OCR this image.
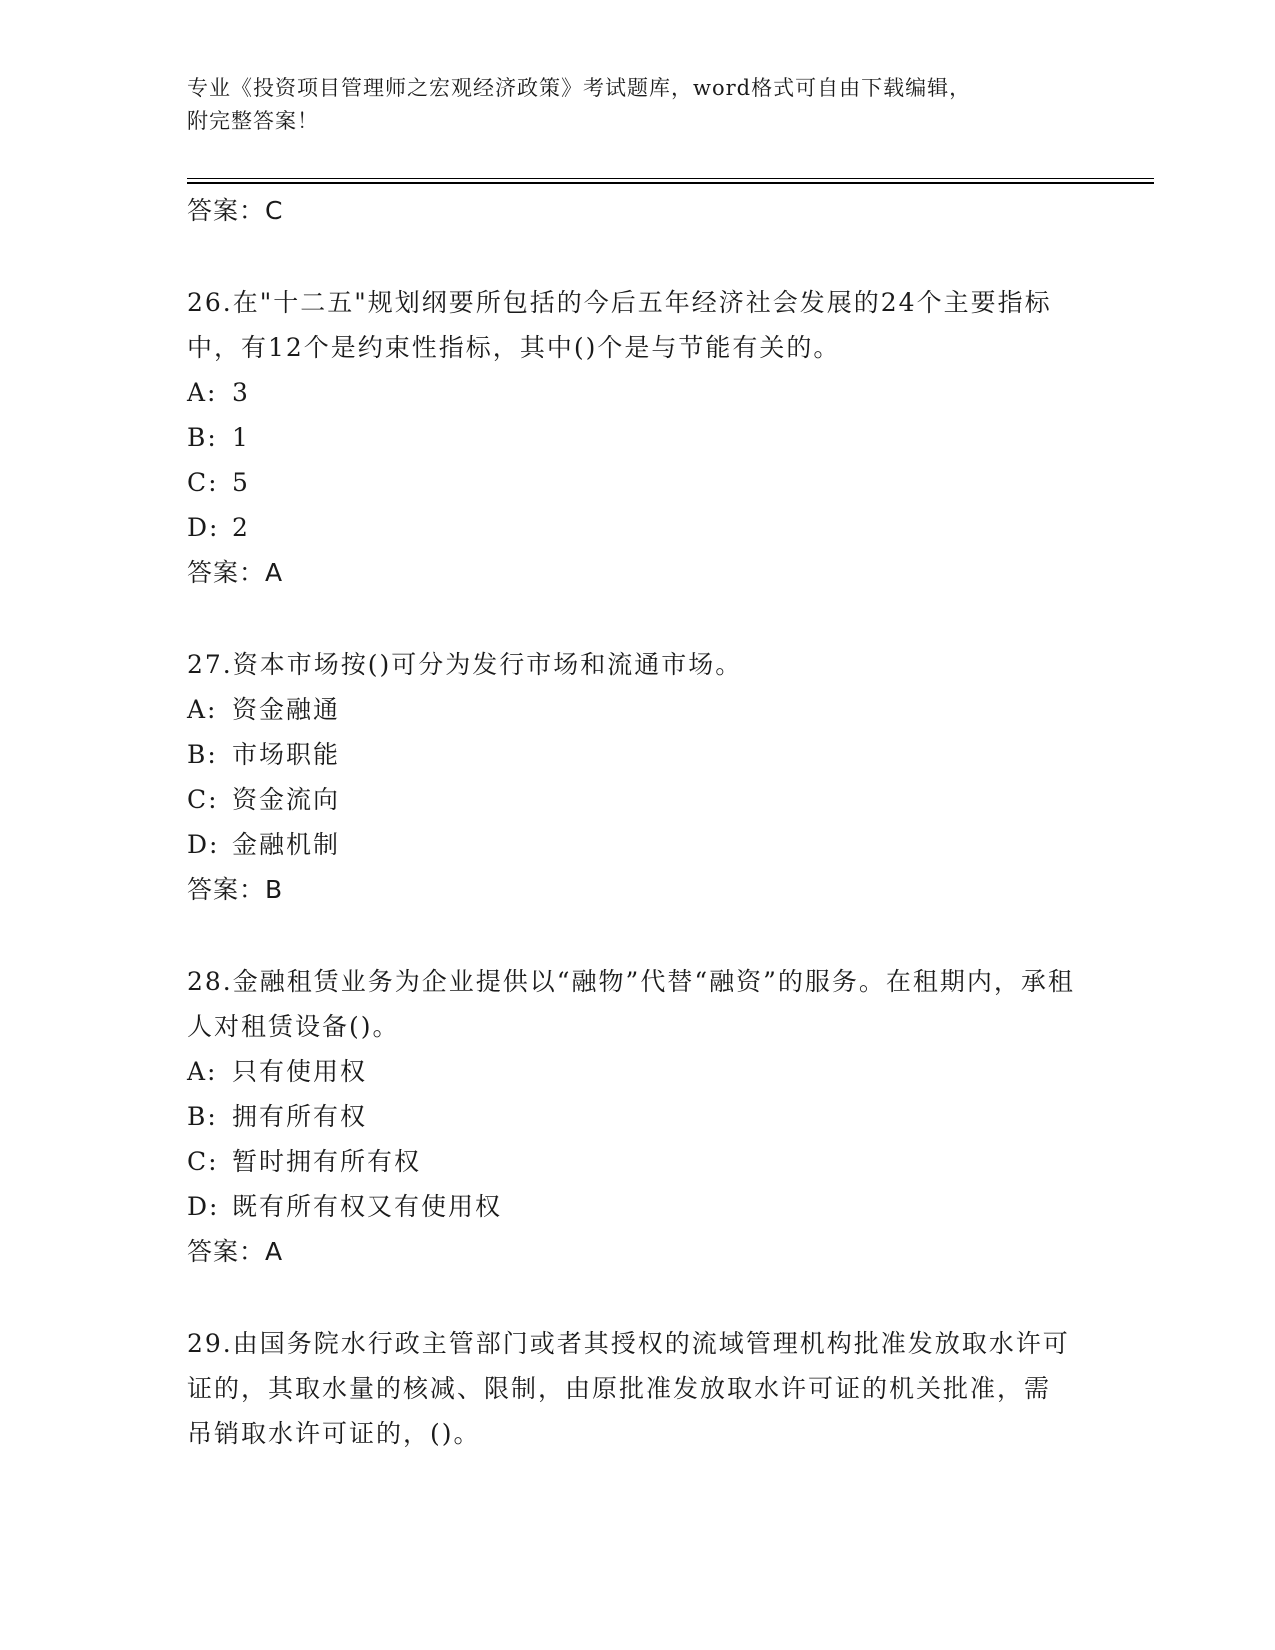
专业《投资项目管理师之宏观经济政策》考试题库，word格式可自由下载编辑，
附完整答案！
答案：C

26.在"十二五"规划纲要所包括的今后五年经济社会发展的24个主要指标中，有12个是约束性指标，其中()个是与节能有关的。

A: 3
B: 1
C: 5
D: 2
答案：A

27.资本市场按()可分为发行市场和流通市场。

A: 资金融通
B: 市场职能
C: 资金流向
D: 金融机制
答案：B

28.金融租赁业务为企业提供以“融物”代替“融资”的服务。在租期内，承租人对租赁设备()。

A: 只有使用权
B: 拥有所有权
C: 暂时拥有所有权
D: 既有所有权又有使用权
答案：A

29.由国务院水行政主管部门或者其授权的流域管理机构批准发放取水许可证的，其取水量的核减、限制，由原批准发放取水许可证的机关批准，需吊销取水许可证的，()。
